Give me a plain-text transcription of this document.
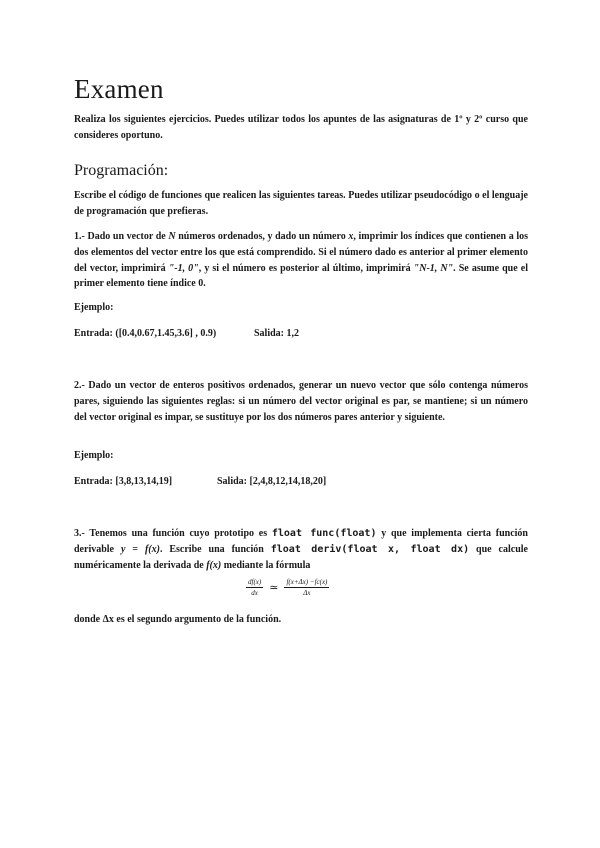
Examen

Realiza los siguientes ejercicios. Puedes utilizar todos los apuntes de las asignaturas de 1º y 2º curso que consideres oportuno.

Programación:

Escribe el código de funciones que realicen las siguientes tareas. Puedes utilizar pseudocódigo o el lenguaje de programación que prefieras.

1.- Dado un vector de N números ordenados, y dado un número x, imprimir los índices que contienen a los dos elementos del vector entre los que está comprendido. Si el número dado es anterior al primer elemento del vector, imprimirá "-1, 0", y si el número es posterior al último, imprimirá "N-1, N". Se asume que el primer elemento tiene índice 0.

Ejemplo:
Entrada: ([0.4,0.67,1.45,3.6] , 0.9)	Salida: 1,2

2.- Dado un vector de enteros positivos ordenados, generar un nuevo vector que sólo contenga números pares, siguiendo las siguientes reglas: si un número del vector original es par, se mantiene; si un número del vector original es impar, se sustituye por los dos números pares anterior y siguiente.

Ejemplo:
Entrada: [3,8,13,14,19]	Salida: [2,4,8,12,14,18,20]

3.- Tenemos una función cuyo prototipo es float func(float) y que implementa cierta función derivable y = f(x). Escribe una función float deriv(float x, float dx) que calcule numéricamente la derivada de f(x) mediante la fórmula

$\frac{df(x)}{dx}$ ≃ $\frac{f(x+\Delta x) -fc(x)}{\Delta x}$
donde Δx es el segundo argumento de la función.
